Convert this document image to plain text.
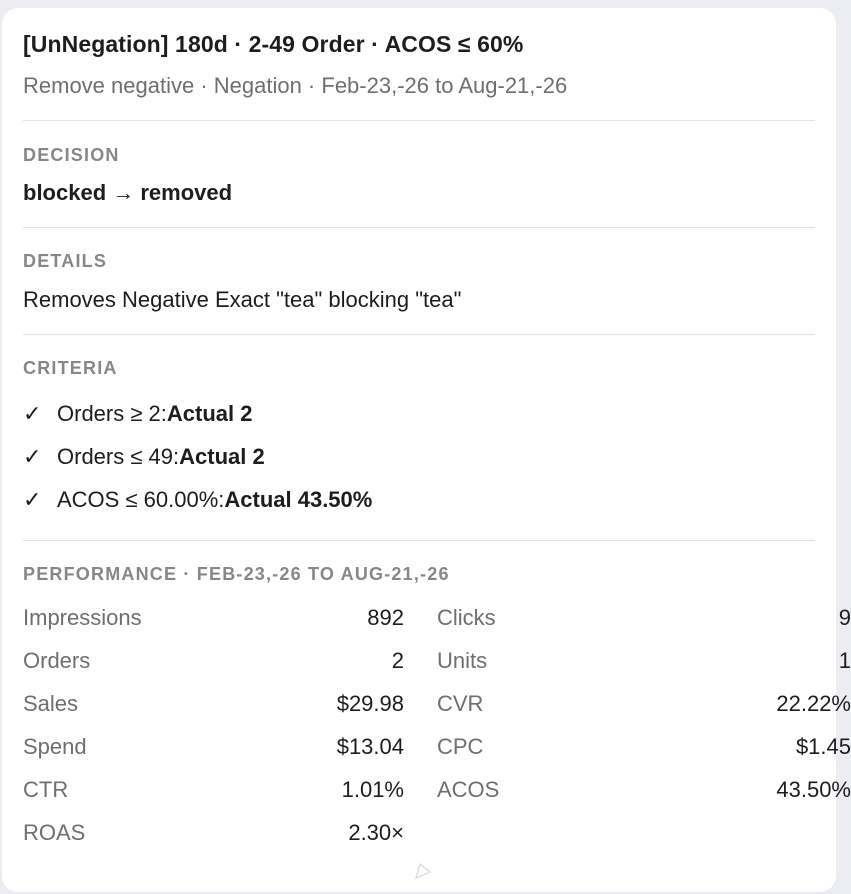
[UnNegation] 180d · 2-49 Order · ACOS ≤ 60%
Remove negative · Negation · Feb-23,-26 to Aug-21,-26
DECISION
blocked → removed
DETAILS
Removes Negative Exact "tea" blocking "tea"
CRITERIA
✓ Orders ≥ 2: Actual 2
✓ Orders ≤ 49: Actual 2
✓ ACOS ≤ 60.00%: Actual 43.50%
PERFORMANCE · FEB-23,-26 TO AUG-21,-26
Impressions	892 Clicks	9
Orders	2 Units	1
Sales	$29.98 CVR	22.22%
Spend	$13.04 CPC	$1.45
CTR	1.01% ACOS	43.50%
ROAS	2.30×
